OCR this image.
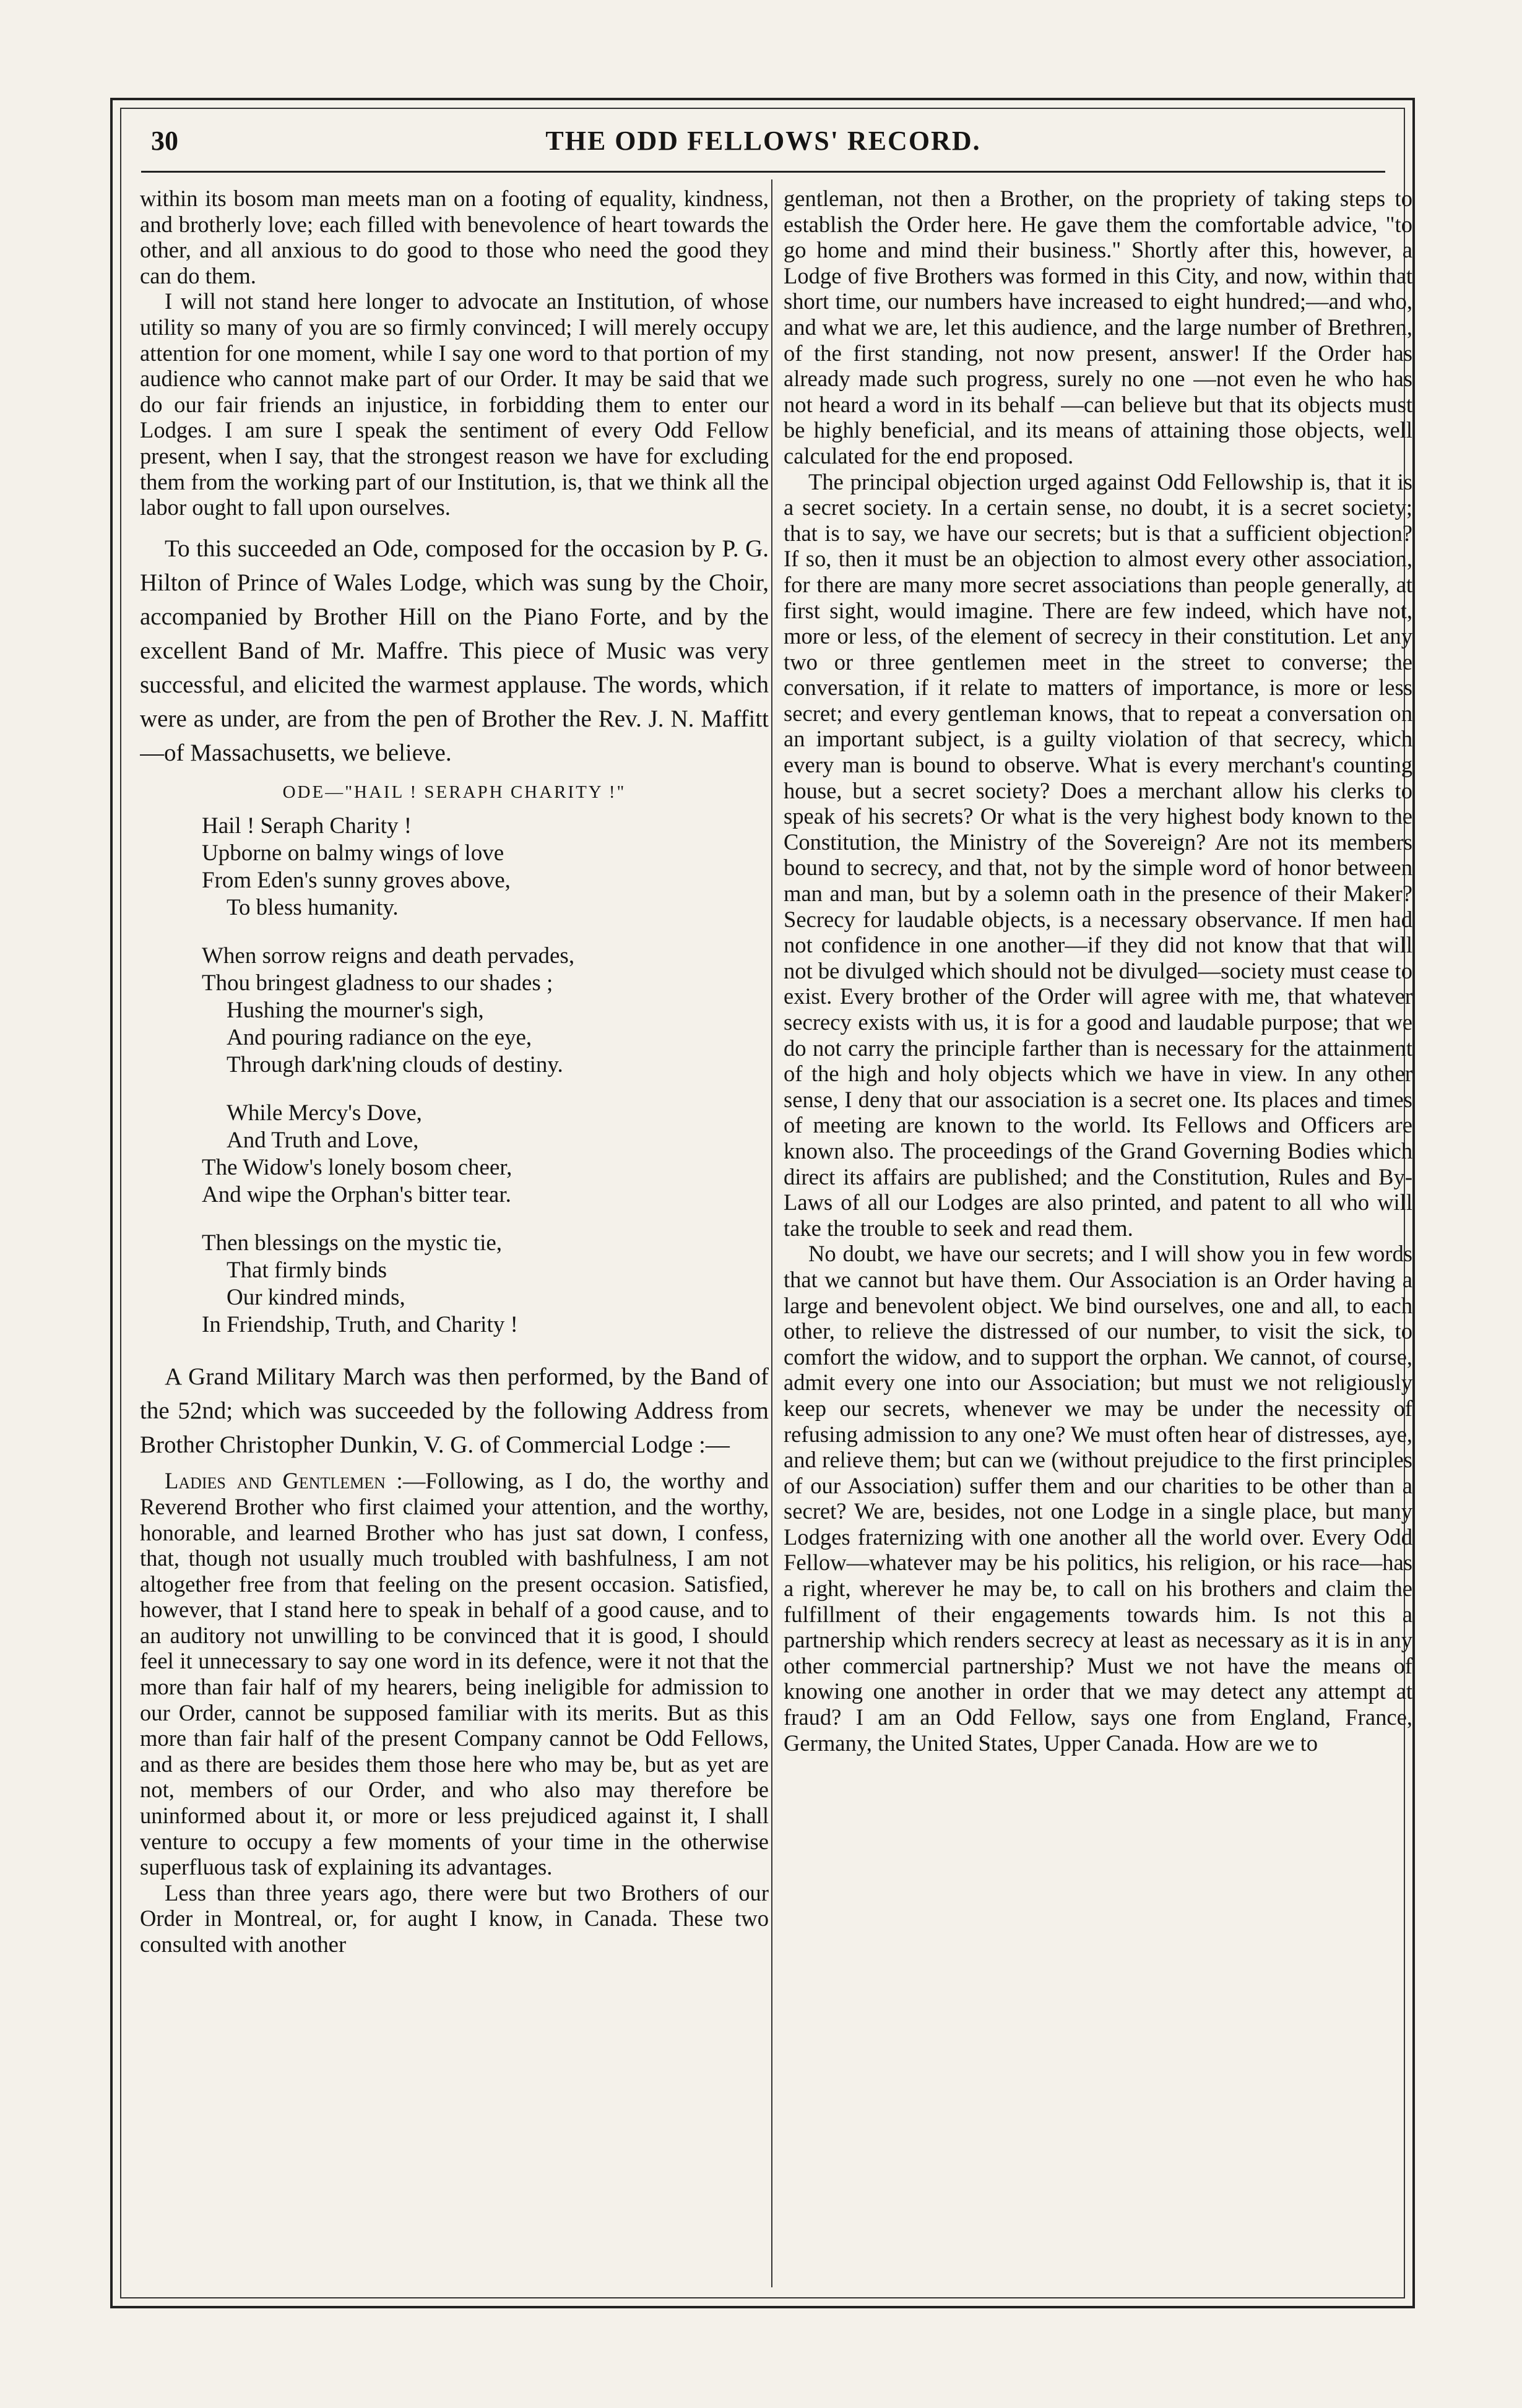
30	THE ODD FELLOWS' RECORD.

within its bosom man meets man on a footing of equality, kindness, and brotherly love; each filled with benevolence of heart towards the other, and all anxious to do good to those who need the good they can do them.

I will not stand here longer to advocate an Institution, of whose utility so many of you are so firmly convinced; I will merely occupy attention for one moment, while I say one word to that portion of my audience who cannot make part of our Order. It may be said that we do our fair friends an injustice, in forbidding them to enter our Lodges. I am sure I speak the sentiment of every Odd Fellow present, when I say, that the strongest reason we have for excluding them from the working part of our Institution, is, that we think all the labor ought to fall upon ourselves.

To this succeeded an Ode, composed for the occasion by P. G. Hilton of Prince of Wales Lodge, which was sung by the Choir, accompanied by Brother Hill on the Piano Forte, and by the excellent Band of Mr. Maffre. This piece of Music was very successful, and elicited the warmest applause. The words, which were as under, are from the pen of Brother the Rev. J. N. Maffitt—of Massachusetts, we believe.

ODE—"HAIL ! SERAPH CHARITY !"
Hail ! Seraph Charity !
Upborne on balmy wings of love
From Eden's sunny groves above,
To bless humanity.
When sorrow reigns and death pervades,
Thou bringest gladness to our shades ;
Hushing the mourner's sigh,
And pouring radiance on the eye,
Through dark'ning clouds of destiny.
While Mercy's Dove,
And Truth and Love,
The Widow's lonely bosom cheer,
And wipe the Orphan's bitter tear.
Then blessings on the mystic tie,
That firmly binds
Our kindred minds,
In Friendship, Truth, and Charity !

A Grand Military March was then performed, by the Band of the 52nd; which was succeeded by the following Address from Brother Christopher Dunkin, V. G. of Commercial Lodge :—

Ladies and Gentlemen :—Following, as I do, the worthy and Reverend Brother who first claimed your attention, and the worthy, honorable, and learned Brother who has just sat down, I confess, that, though not usually much troubled with bashfulness, I am not altogether free from that feeling on the present occasion. Satisfied, however, that I stand here to speak in behalf of a good cause, and to an auditory not unwilling to be convinced that it is good, I should feel it unnecessary to say one word in its defence, were it not that the more than fair half of my hearers, being ineligible for admission to our Order, cannot be supposed familiar with its merits. But as this more than fair half of the present Company cannot be Odd Fellows, and as there are besides them those here who may be, but as yet are not, members of our Order, and who also may therefore be uninformed about it, or more or less prejudiced against it, I shall venture to occupy a few moments of your time in the otherwise superfluous task of explaining its advantages.

Less than three years ago, there were but two Brothers of our Order in Montreal, or, for aught I know, in Canada. These two consulted with another

gentleman, not then a Brother, on the propriety of taking steps to establish the Order here. He gave them the comfortable advice, "to go home and mind their business." Shortly after this, however, a Lodge of five Brothers was formed in this City, and now, within that short time, our numbers have increased to eight hundred;—and who, and what we are, let this audience, and the large number of Brethren, of the first standing, not now present, answer! If the Order has already made such progress, surely no one —not even he who has not heard a word in its behalf —can believe but that its objects must be highly beneficial, and its means of attaining those objects, well calculated for the end proposed.

The principal objection urged against Odd Fellowship is, that it is a secret society. In a certain sense, no doubt, it is a secret society; that is to say, we have our secrets; but is that a sufficient objection? If so, then it must be an objection to almost every other association, for there are many more secret associations than people generally, at first sight, would imagine. There are few indeed, which have not, more or less, of the element of secrecy in their constitution. Let any two or three gentlemen meet in the street to converse; the conversation, if it relate to matters of importance, is more or less secret; and every gentleman knows, that to repeat a conversation on an important subject, is a guilty violation of that secrecy, which every man is bound to observe. What is every merchant's counting house, but a secret society? Does a merchant allow his clerks to speak of his secrets? Or what is the very highest body known to the Constitution, the Ministry of the Sovereign? Are not its members bound to secrecy, and that, not by the simple word of honor between man and man, but by a solemn oath in the presence of their Maker? Secrecy for laudable objects, is a necessary observance. If men had not confidence in one another—if they did not know that that will not be divulged which should not be divulged—society must cease to exist. Every brother of the Order will agree with me, that whatever secrecy exists with us, it is for a good and laudable purpose; that we do not carry the principle farther than is necessary for the attainment of the high and holy objects which we have in view. In any other sense, I deny that our association is a secret one. Its places and times of meeting are known to the world. Its Fellows and Officers are known also. The proceedings of the Grand Governing Bodies which direct its affairs are published; and the Constitution, Rules and By-Laws of all our Lodges are also printed, and patent to all who will take the trouble to seek and read them.

No doubt, we have our secrets; and I will show you in few words that we cannot but have them. Our Association is an Order having a large and benevolent object. We bind ourselves, one and all, to each other, to relieve the distressed of our number, to visit the sick, to comfort the widow, and to support the orphan. We cannot, of course, admit every one into our Association; but must we not religiously keep our secrets, whenever we may be under the necessity of refusing admission to any one? We must often hear of distresses, aye, and relieve them; but can we (without prejudice to the first principles of our Association) suffer them and our charities to be other than a secret? We are, besides, not one Lodge in a single place, but many Lodges fraternizing with one another all the world over. Every Odd Fellow—whatever may be his politics, his religion, or his race—has a right, wherever he may be, to call on his brothers and claim the fulfillment of their engagements towards him. Is not this a partnership which renders secrecy at least as necessary as it is in any other commercial partnership? Must we not have the means of knowing one another in order that we may detect any attempt at fraud? I am an Odd Fellow, says one from England, France, Germany, the United States, Upper Canada. How are we to
